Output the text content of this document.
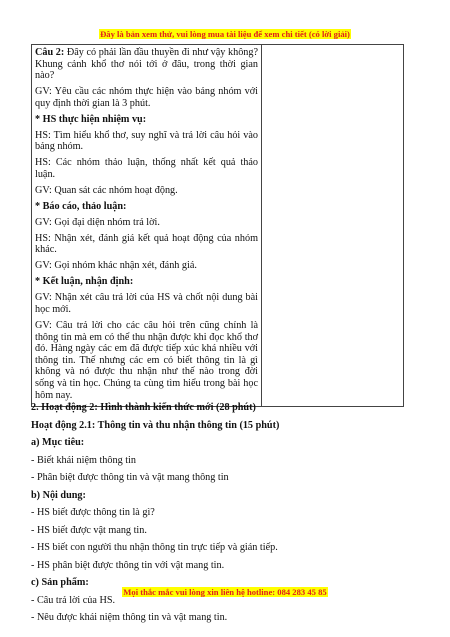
Đây là bản xem thử, vui lòng mua tài liệu để xem chi tiết (có lời giải)

Câu 2: Đây có phải lần đầu thuyền đi như vậy không? Khung cảnh khổ thơ nói tới ở đâu, trong thời gian nào?

GV: Yêu cầu các nhóm thực hiện vào bảng nhóm với quy định thời gian là 3 phút.

* HS thực hiện nhiệm vụ:

HS: Tìm hiểu khổ thơ, suy nghĩ và trả lời câu hỏi vào bảng nhóm.

HS: Các nhóm thảo luận, thống nhất kết quả thảo luận.

GV: Quan sát các nhóm hoạt động.

* Báo cáo, thảo luận:

GV: Gọi đại diện nhóm trả lời.

HS: Nhận xét, đánh giá kết quả hoạt động của nhóm khác.

GV: Gọi nhóm khác nhận xét, đánh giá.

* Kết luận, nhận định:

GV: Nhận xét câu trả lời của HS và chốt nội dung bài học mới.

GV: Câu trả lời cho các câu hỏi trên cũng chính là thông tin mà em có thể thu nhận được khi đọc khổ thơ đó. Hàng ngày các em đã được tiếp xúc khá nhiều với thông tin. Thế nhưng các em có biết thông tin là gì không và nó được thu nhận như thế nào trong đời sống và tin học. Chúng ta cùng tìm hiểu trong bài học hôm nay.

2. Hoạt động 2: Hình thành kiến thức mới (28 phút)
Hoạt động 2.1: Thông tin và thu nhận thông tin (15 phút)
a) Mục tiêu:
- Biết khái niệm thông tin
- Phân biệt được thông tin và vật mang thông tin
b) Nội dung:
- HS biết được thông tin là gì?
- HS biết được vật mang tin.
- HS biết con người thu nhận thông tin trực tiếp và gián tiếp.
- HS phân biệt được thông tin với vật mang tin.
c) Sản phẩm:
- Câu trả lời của HS.
- Nêu được khái niệm thông tin và vật mang tin.
Mọi thắc mắc vui lòng xin liên hệ hotline: 084 283 45 85
